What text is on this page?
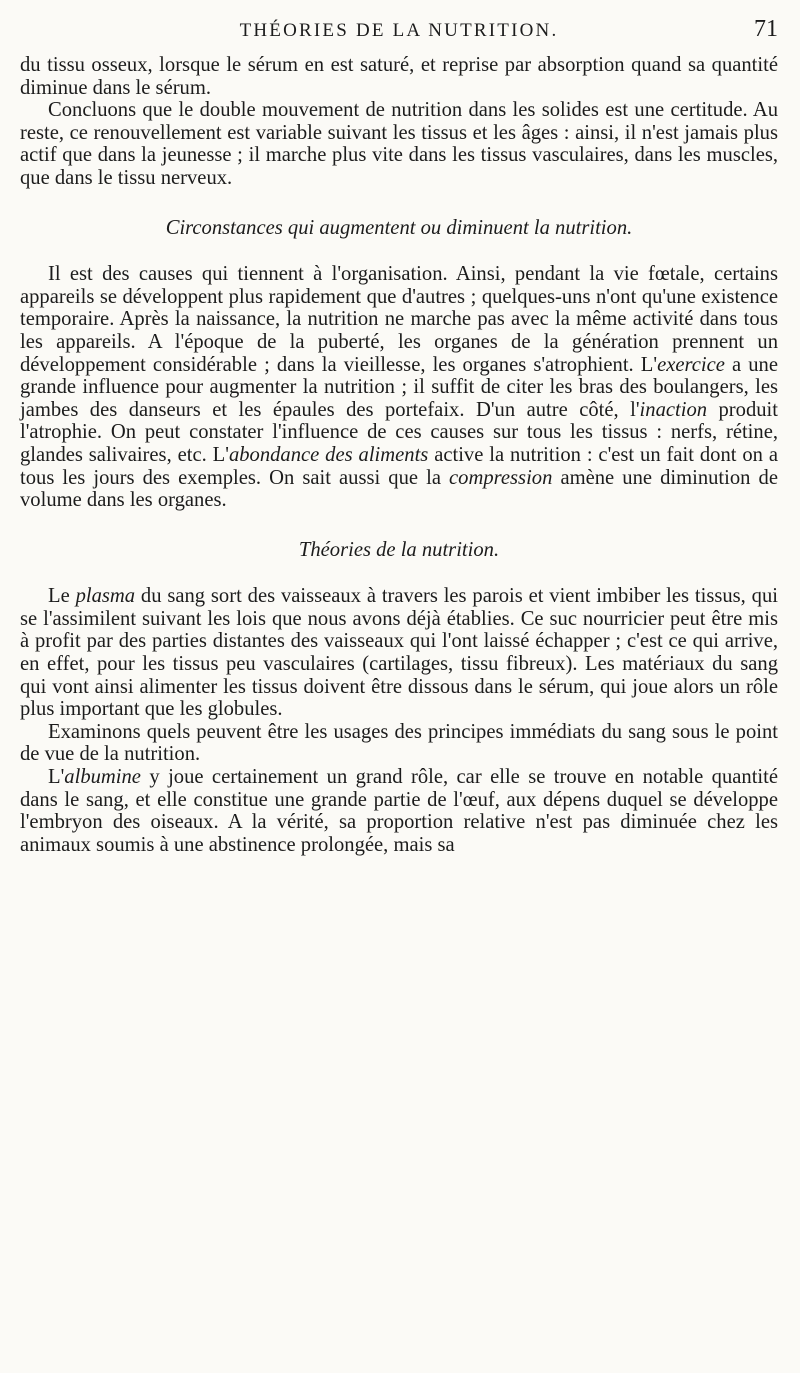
THÉORIES DE LA NUTRITION.	71

du tissu osseux, lorsque le sérum en est saturé, et reprise par absorption quand sa quantité diminue dans le sérum.

Concluons que le double mouvement de nutrition dans les solides est une certitude. Au reste, ce renouvellement est variable suivant les tissus et les âges : ainsi, il n'est jamais plus actif que dans la jeunesse ; il marche plus vite dans les tissus vasculaires, dans les muscles, que dans le tissu nerveux.

Circonstances qui augmentent ou diminuent la nutrition.

Il est des causes qui tiennent à l'organisation. Ainsi, pendant la vie fœtale, certains appareils se développent plus rapidement que d'autres ; quelques-uns n'ont qu'une existence temporaire. Après la naissance, la nutrition ne marche pas avec la même activité dans tous les appareils. A l'époque de la puberté, les organes de la génération prennent un développement considérable ; dans la vieillesse, les organes s'atrophient. L'exercice a une grande influence pour augmenter la nutrition ; il suffit de citer les bras des boulangers, les jambes des danseurs et les épaules des portefaix. D'un autre côté, l'inaction produit l'atrophie. On peut constater l'influence de ces causes sur tous les tissus : nerfs, rétine, glandes salivaires, etc. L'abondance des aliments active la nutrition : c'est un fait dont on a tous les jours des exemples. On sait aussi que la compression amène une diminution de volume dans les organes.

Théories de la nutrition.

Le plasma du sang sort des vaisseaux à travers les parois et vient imbiber les tissus, qui se l'assimilent suivant les lois que nous avons déjà établies. Ce suc nourricier peut être mis à profit par des parties distantes des vaisseaux qui l'ont laissé échapper ; c'est ce qui arrive, en effet, pour les tissus peu vasculaires (cartilages, tissu fibreux). Les matériaux du sang qui vont ainsi alimenter les tissus doivent être dissous dans le sérum, qui joue alors un rôle plus important que les globules.

Examinons quels peuvent être les usages des principes immédiats du sang sous le point de vue de la nutrition.

L'albumine y joue certainement un grand rôle, car elle se trouve en notable quantité dans le sang, et elle constitue une grande partie de l'œuf, aux dépens duquel se développe l'embryon des oiseaux. A la vérité, sa proportion relative n'est pas diminuée chez les animaux soumis à une abstinence prolongée, mais sa
